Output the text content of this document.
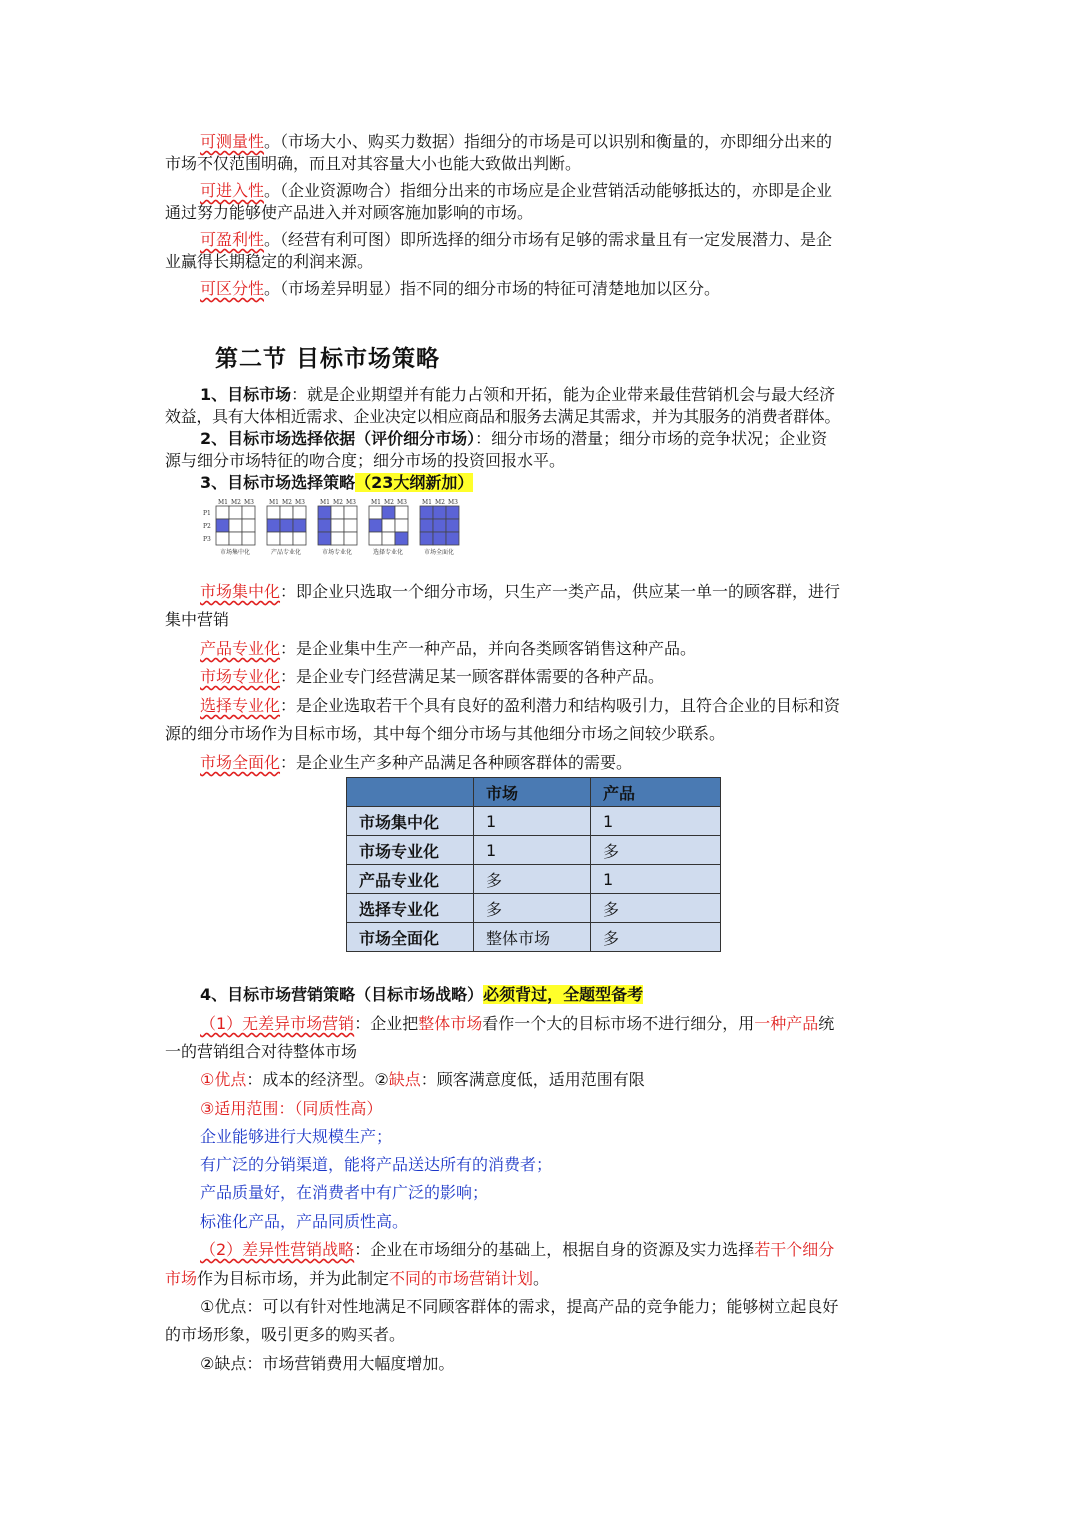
可测量性。（市场大小、购买力数据）指细分的市场是可以识别和衡量的，亦即细分出来的
市场不仅范围明确，而且对其容量大小也能大致做出判断。
可进入性。（企业资源吻合）指细分出来的市场应是企业营销活动能够抵达的，亦即是企业
通过努力能够使产品进入并对顾客施加影响的市场。
可盈利性。（经营有利可图）即所选择的细分市场有足够的需求量且有一定发展潜力、是企
业赢得长期稳定的利润来源。
可区分性。（市场差异明显）指不同的细分市场的特征可清楚地加以区分。
第二节 目标市场策略
1、目标市场：就是企业期望并有能力占领和开拓，能为企业带来最佳营销机会与最大经济
效益，具有大体相近需求、企业决定以相应商品和服务去满足其需求，并为其服务的消费者群体。
2、目标市场选择依据（评价细分市场）：细分市场的潜量；细分市场的竞争状况；企业资
源与细分市场特征的吻合度；细分市场的投资回报水平。
3、目标市场选择策略（23大纲新加）
P1
P2
P3
M1 M2 M3
市场集中化
M1 M2 M3
产品专业化
M1 M2 M3
市场专业化
M1 M2 M3
选择专业化
M1 M2 M3
市场全面化
市场集中化：即企业只选取一个细分市场，只生产一类产品，供应某一单一的顾客群，进行
集中营销
产品专业化：是企业集中生产一种产品，并向各类顾客销售这种产品。
市场专业化：是企业专门经营满足某一顾客群体需要的各种产品。
选择专业化：是企业选取若干个具有良好的盈利潜力和结构吸引力，且符合企业的目标和资
源的细分市场作为目标市场，其中每个细分市场与其他细分市场之间较少联系。
市场全面化：是企业生产多种产品满足各种顾客群体的需要。
	市场	产品
市场集中化	1	1
市场专业化	1	多
产品专业化	多	1
选择专业化	多	多
市场全面化	整体市场	多
4、目标市场营销策略（目标市场战略）必须背过，全题型备考
（1）无差异市场营销：企业把整体市场看作一个大的目标市场不进行细分，用一种产品统
一的营销组合对待整体市场
①优点：成本的经济型。②缺点：顾客满意度低，适用范围有限
③适用范围：（同质性高）
企业能够进行大规模生产；
有广泛的分销渠道，能将产品送达所有的消费者；
产品质量好，在消费者中有广泛的影响；
标准化产品，产品同质性高。
（2）差异性营销战略：企业在市场细分的基础上，根据自身的资源及实力选择若干个细分
市场作为目标市场，并为此制定不同的市场营销计划。
①优点：可以有针对性地满足不同顾客群体的需求，提高产品的竞争能力；能够树立起良好
的市场形象，吸引更多的购买者。
②缺点：市场营销费用大幅度增加。
